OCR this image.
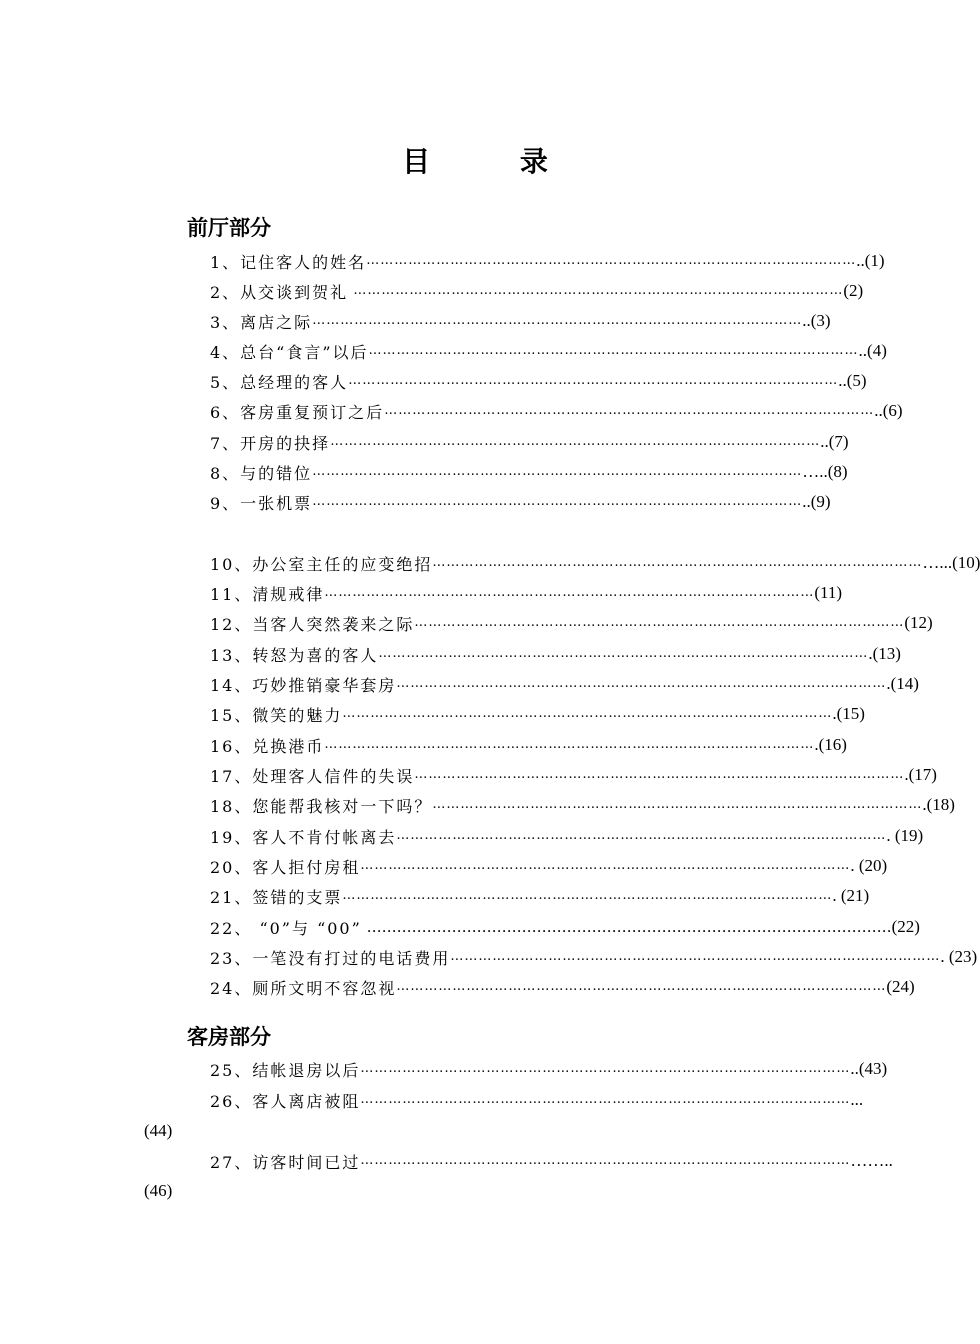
目 录
前厅部分
1、记住客人的姓名 …………………………………………………………………………………………… ..(1)
2、从交谈到贺礼 …………………………………………………………………………………………… (2)
3、离店之际 …………………………………………………………………………………………… ..(3)
4、总台“食言”以后 …………………………………………………………………………………………… ..(4)
5、总经理的客人 …………………………………………………………………………………………… ..(5)
6、客房重复预订之后 …………………………………………………………………………………………… ..(6)
7、开房的抉择 …………………………………………………………………………………………… ..(7)
8、与的错位 …………………………………………………………………………………………… …..(8)
9、一张机票 …………………………………………………………………………………………… ..(9)
10、办公室主任的应变绝招 …………………………………………………………………………………………… …...(10)
11、清规戒律 …………………………………………………………………………………………… (11)
12、当客人突然袭来之际 …………………………………………………………………………………………… (12)
13、转怒为喜的客人 …………………………………………………………………………………………… .(13)
14、巧妙推销豪华套房 …………………………………………………………………………………………… .(14)
15、微笑的魅力 …………………………………………………………………………………………… .(15)
16、兑换港币 …………………………………………………………………………………………… .(16)
17、处理客人信件的失误 …………………………………………………………………………………………… .(17)
18、您能帮我核对一下吗？ …………………………………………………………………………………………… .(18)
19、客人不肯付帐离去 …………………………………………………………………………………………… . (19)
20、客人拒付房租 …………………………………………………………………………………………… . (20)
21、签错的支票 …………………………………………………………………………………………… . (21)
22、 “0”与 “00” …………………………………………………………………………………………… (22)
23、一笔没有打过的电话费用 …………………………………………………………………………………………… . (23)
24、厕所文明不容忽视 …………………………………………………………………………………………… (24)
客房部分
25、结帐退房以后 …………………………………………………………………………………………… ..(43)
26、客人离店被阻 …………………………………………………………………………………………… ...
(44)
27、访客时间已过 …………………………………………………………………………………………… ……..
(46)
